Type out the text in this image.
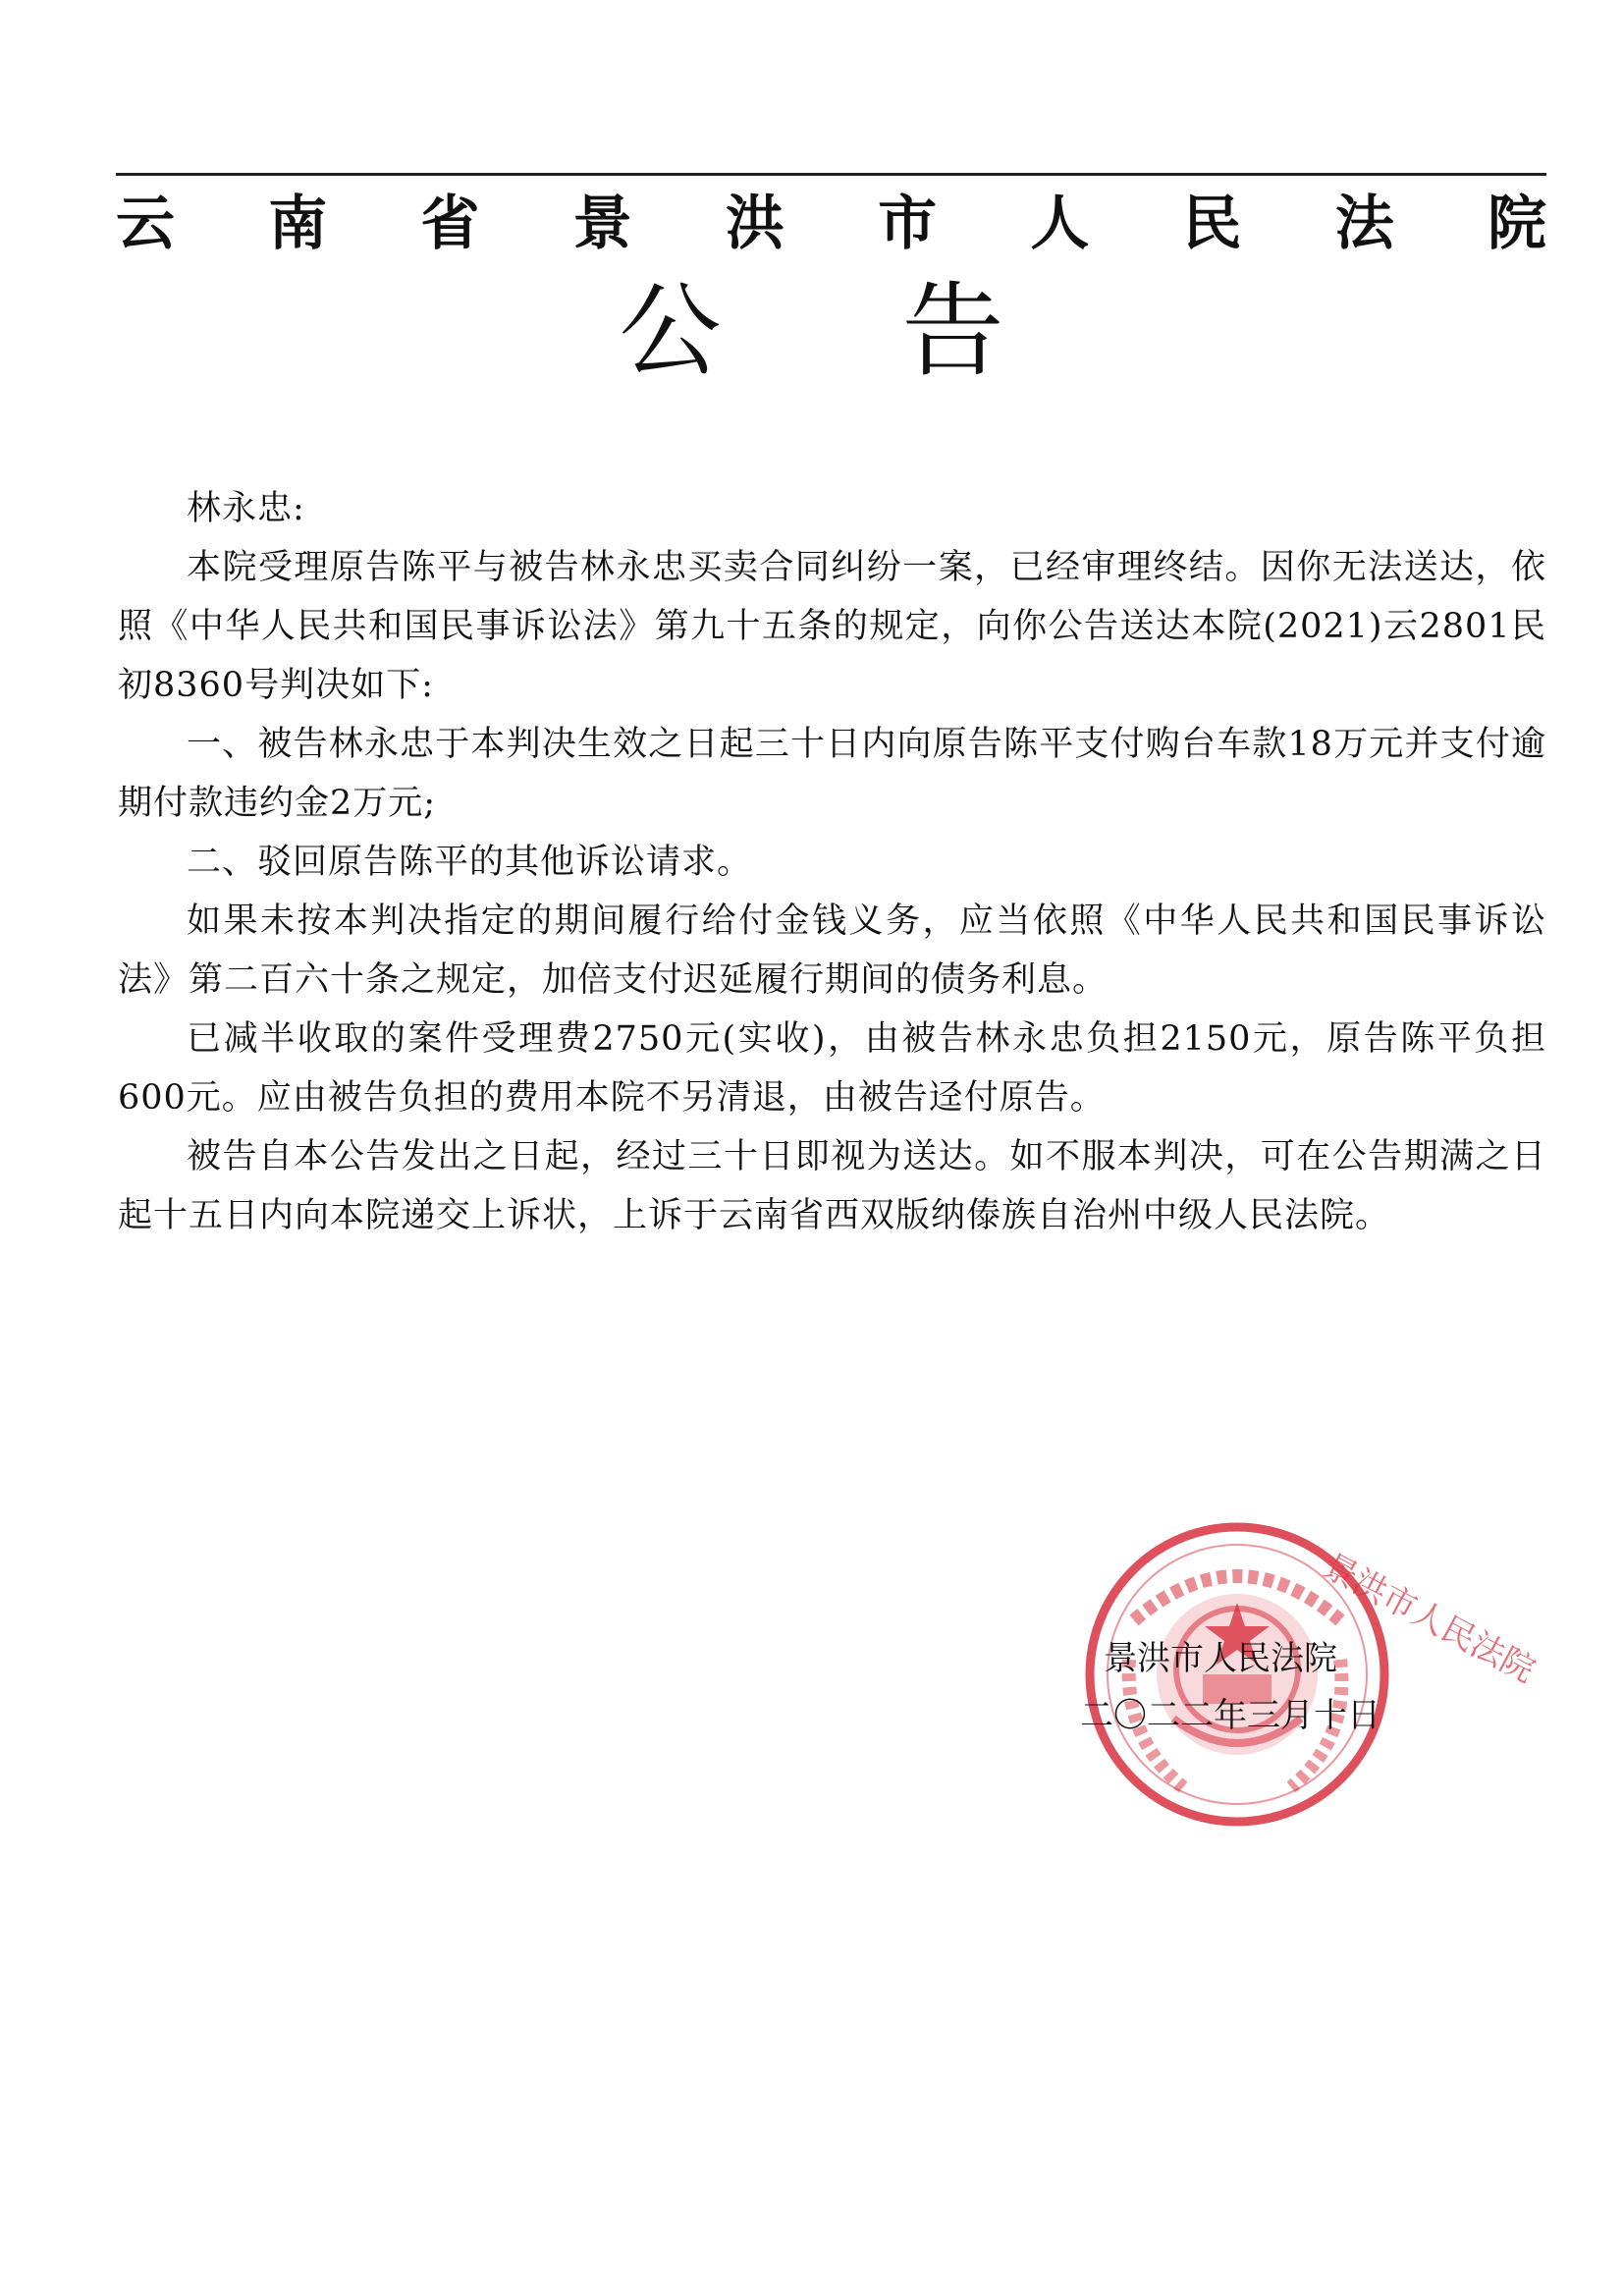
云 南 省 景 洪 市 人 民 法 院
公 告

林永忠:

本院受理原告陈平与被告林永忠买卖合同纠纷一案，已经审理终结。因你无法送达，依照《中华人民共和国民事诉讼法》第九十五条的规定，向你公告送达本院(2021)云2801民初8360号判决如下:

一、被告林永忠于本判决生效之日起三十日内向原告陈平支付购台车款18万元并支付逾期付款违约金2万元;

二、驳回原告陈平的其他诉讼请求。

如果未按本判决指定的期间履行给付金钱义务，应当依照《中华人民共和国民事诉讼法》第二百六十条之规定，加倍支付迟延履行期间的债务利息。

已减半收取的案件受理费2750元(实收)，由被告林永忠负担2150元，原告陈平负担600元。应由被告负担的费用本院不另清退，由被告迳付原告。

被告自本公告发出之日起，经过三十日即视为送达。如不服本判决，可在公告期满之日起十五日内向本院递交上诉状，上诉于云南省西双版纳傣族自治州中级人民法院。

景洪市人民法院
景洪市人民法院
二〇二二年三月十日
